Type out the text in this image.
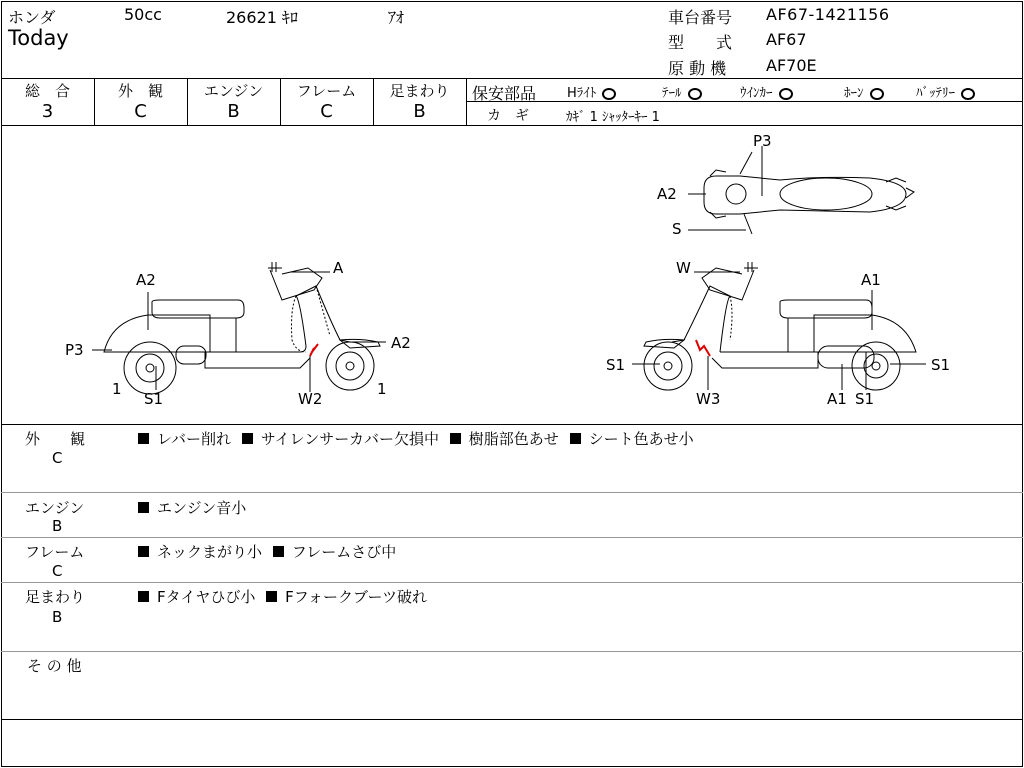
ホンダ	50cc	26621 ｷﾛ	ｱｵ
Today
車台番号 AF67-1421156
型　　式 AF67
原 動 機 AF70E
総　合
3
外　観
C
エンジン
B
フレーム
C
足まわり
B
保安部品 Hﾗｲﾄ	ﾃｰﾙ	ｳｲﾝｶｰ	ﾎｰﾝ	ﾊﾞｯﾃﾘｰ
カ　ギ	ｶｷﾞ 1 ｼｬｯﾀｰｷｰ 1
P3
A2
S
A
A2
A2
P3
1
S1	W2
1
W
A1
S1	S1
W3	A1 S1
外　　観
C
レバー削れ サイレンサーカバー欠損中 樹脂部色あせ シート色あせ小
エンジン
B
エンジン音小
フレーム
C
ネックまがり小 フレームさび中
足まわり
B
Fタイヤひび小 Fフォークブーツ破れ
そ の 他
